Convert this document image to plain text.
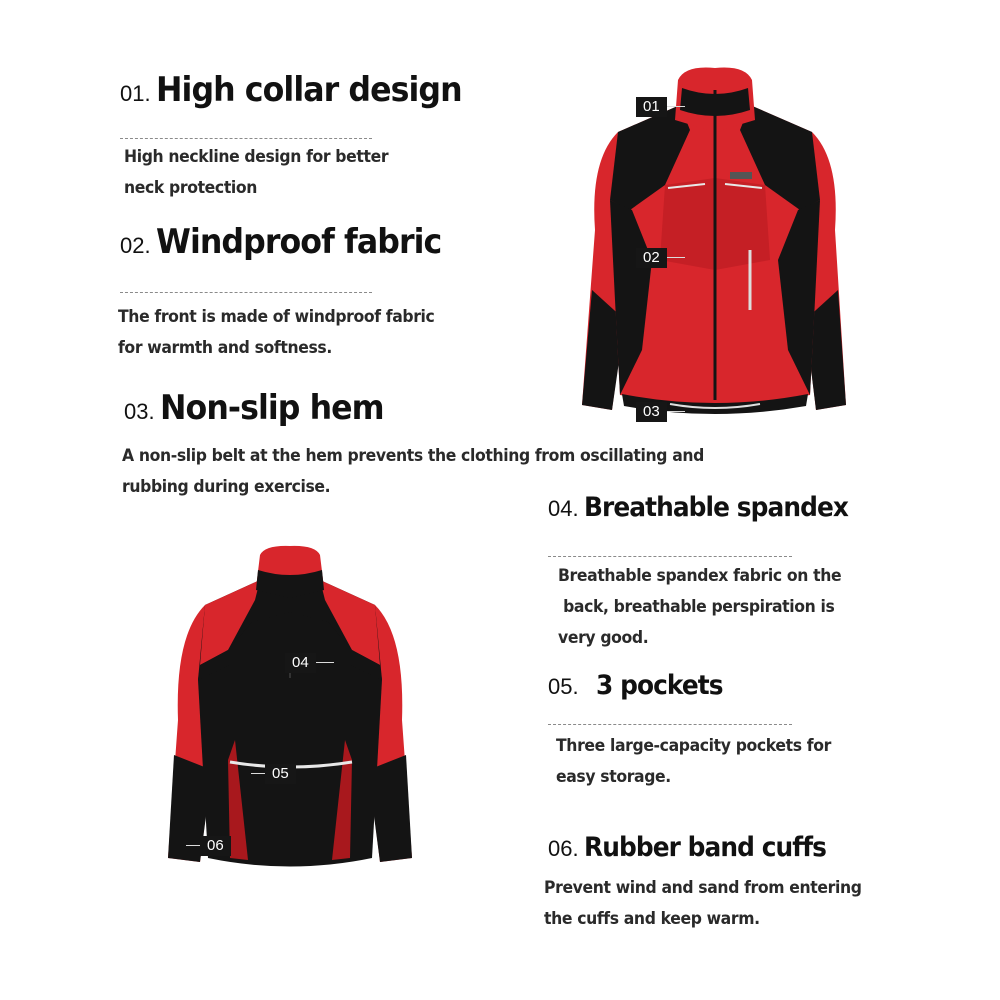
01. High collar design
High neckline design for better
neck protection
02. Windproof fabric
The front is made of windproof fabric
for warmth and softness.
03. Non-slip hem
A non-slip belt at the hem prevents the clothing from oscillating and
rubbing during exercise.
04. Breathable spandex
Breathable spandex fabric on the
back, breathable perspiration is
very good.
05. 3 pockets
Three large-capacity pockets for
easy storage.
06. Rubber band cuffs
Prevent wind and sand from entering
the cuffs and keep warm.
01
02
03
04
05
06
